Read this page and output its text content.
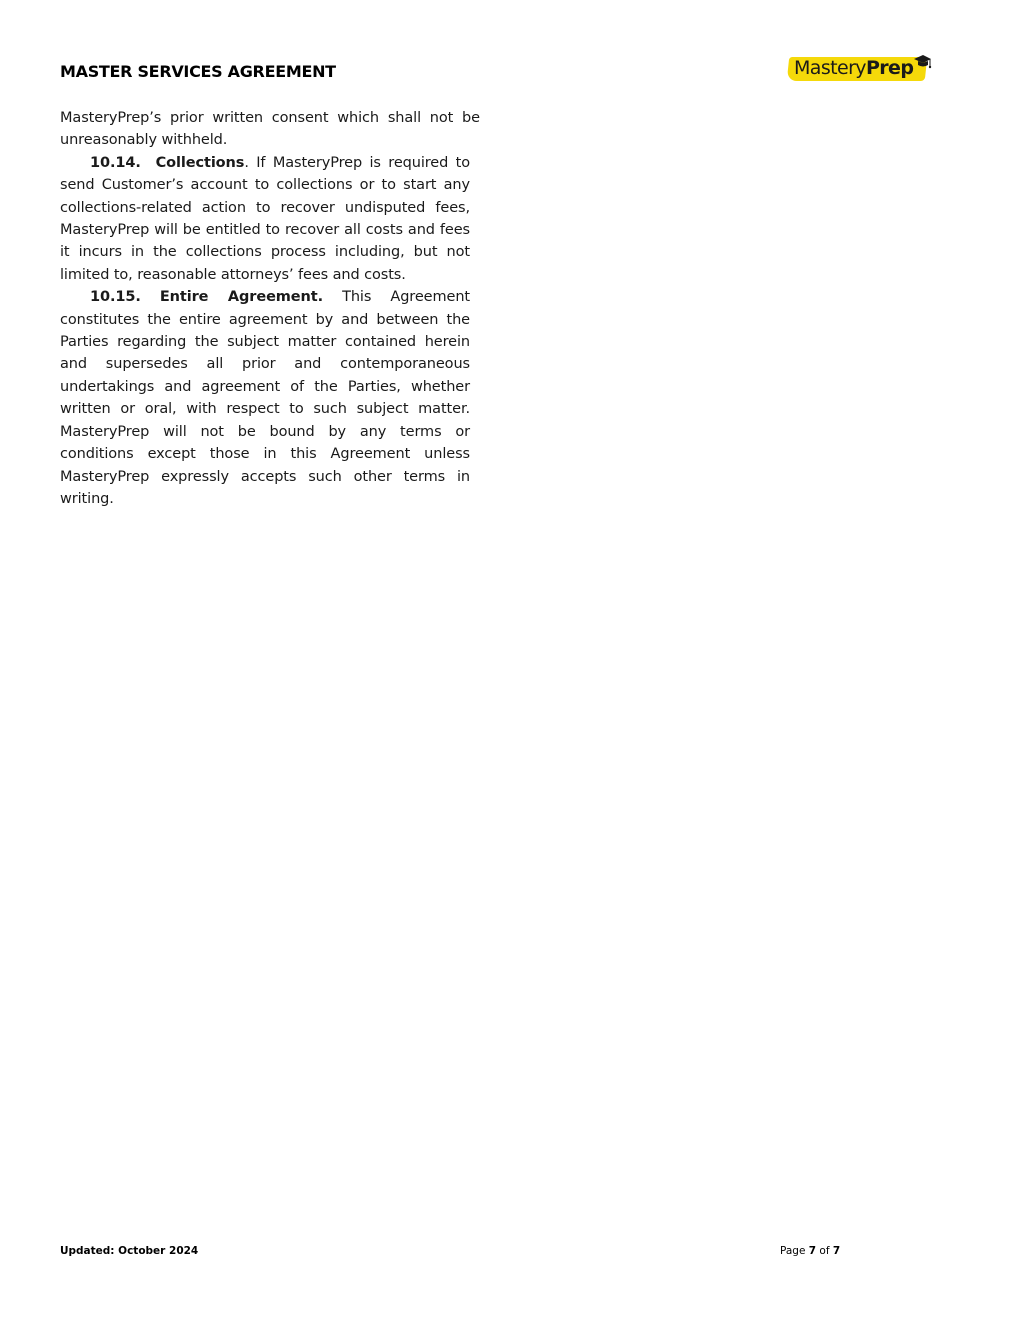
MASTER SERVICES AGREEMENT	MasteryPrep

MasteryPrep’s prior written consent which shall not be unreasonably withheld.

10.14. Collections. If MasteryPrep is required to send Customer’s account to collections or to start any collections-related action to recover undisputed fees, MasteryPrep will be entitled to recover all costs and fees it incurs in the collections process including, but not limited to, reasonable attorneys’ fees and costs.

10.15. Entire Agreement. This Agreement constitutes the entire agreement by and between the Parties regarding the subject matter contained herein and supersedes all prior and contemporaneous undertakings and agreement of the Parties, whether written or oral, with respect to such subject matter. MasteryPrep will not be bound by any terms or conditions except those in this Agreement unless MasteryPrep expressly accepts such other terms in writing.

Updated: October 2024	Page 7 of 7
